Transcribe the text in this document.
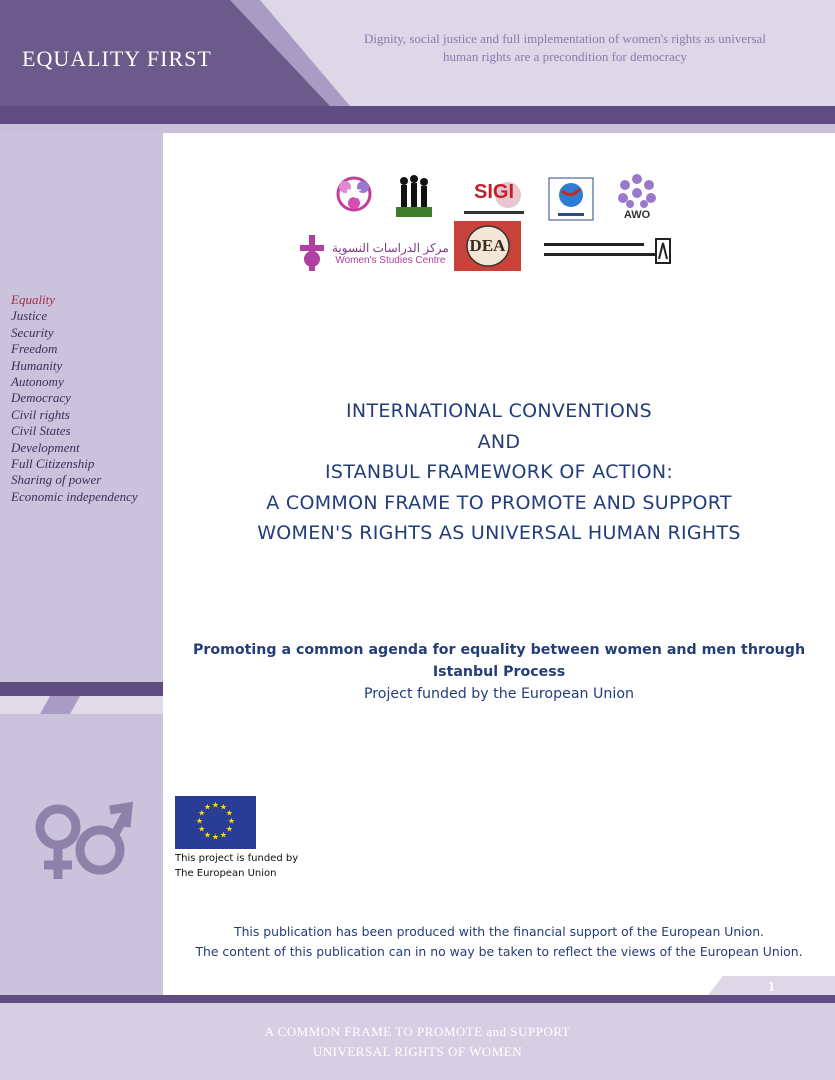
EQUALITY FIRST
Dignity, social justice and full implementation of women's rights as universal
human rights are a precondition for democracy
Equality
Justice
Security
Freedom
Humanity
Autonomy
Democracy
Civil rights
Civil States
Development
Full Citizenship
Sharing of power
Economic independency
FE	SIGI
AWO
مركز الدراسات النسوية
Women's Studies Centre
DEA
INTERNATIONAL CONVENTIONS
AND
ISTANBUL FRAMEWORK OF ACTION:
A COMMON FRAME TO PROMOTE AND SUPPORT
WOMEN'S RIGHTS AS UNIVERSAL HUMAN RIGHTS
Promoting a common agenda for equality between women and men through
Istanbul Process
Project funded by the European Union
★ ★
★
★
★
★
★
★
★
★
★
★
This project is funded by
The European Union
This publication has been produced with the financial support of the European Union.
The content of this publication can in no way be taken to reflect the views of the European Union.
1
A COMMON FRAME TO PROMOTE and SUPPORT
UNIVERSAL RIGHTS OF WOMEN
